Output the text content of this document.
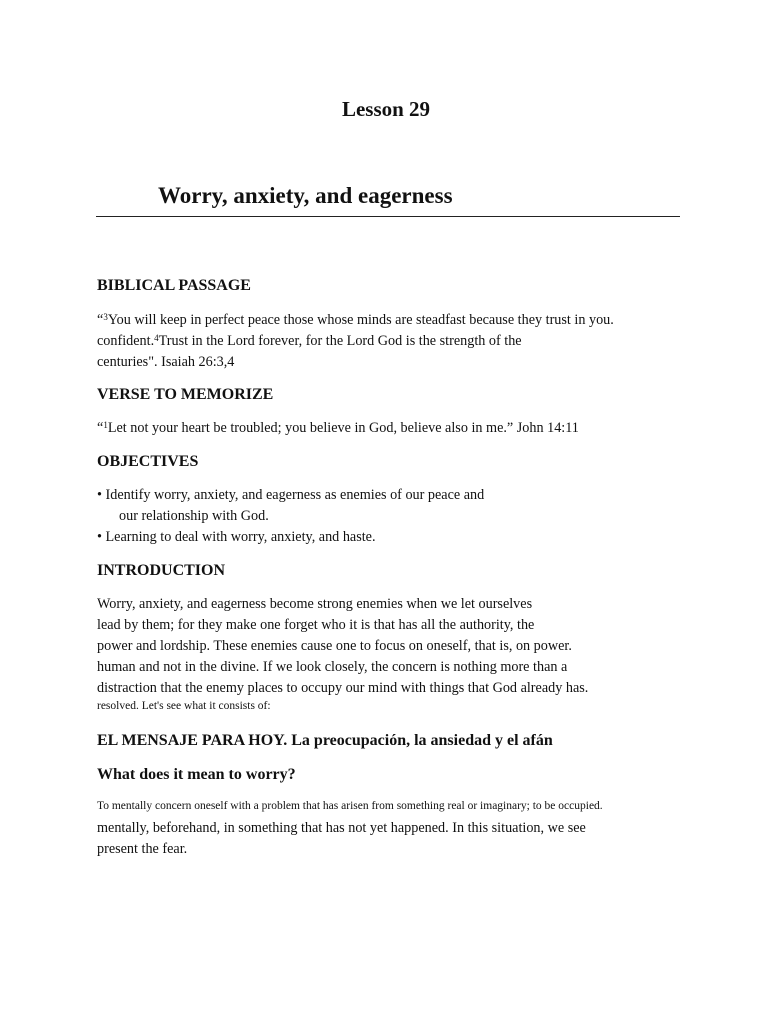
Lesson 29
Worry, anxiety, and eagerness
BIBLICAL PASSAGE
“$^3$You will keep in perfect peace those whose minds are steadfast because they trust in you.
confident.$^4$Trust in the Lord forever, for the Lord God is the strength of the
centuries". Isaiah 26:3,4
VERSE TO MEMORIZE
“$^1$Let not your heart be troubled; you believe in God, believe also in me.” John 14:11
OBJECTIVES
• Identify worry, anxiety, and eagerness as enemies of our peace and
our relationship with God.
• Learning to deal with worry, anxiety, and haste.
INTRODUCTION
Worry, anxiety, and eagerness become strong enemies when we let ourselves
lead by them; for they make one forget who it is that has all the authority, the
power and lordship. These enemies cause one to focus on oneself, that is, on power.
human and not in the divine. If we look closely, the concern is nothing more than a
distraction that the enemy places to occupy our mind with things that God already has.
resolved. Let's see what it consists of:
EL MENSAJE PARA HOY. La preocupación, la ansiedad y el afán
What does it mean to worry?
To mentally concern oneself with a problem that has arisen from something real or imaginary; to be occupied.
mentally, beforehand, in something that has not yet happened. In this situation, we see
present the fear.
